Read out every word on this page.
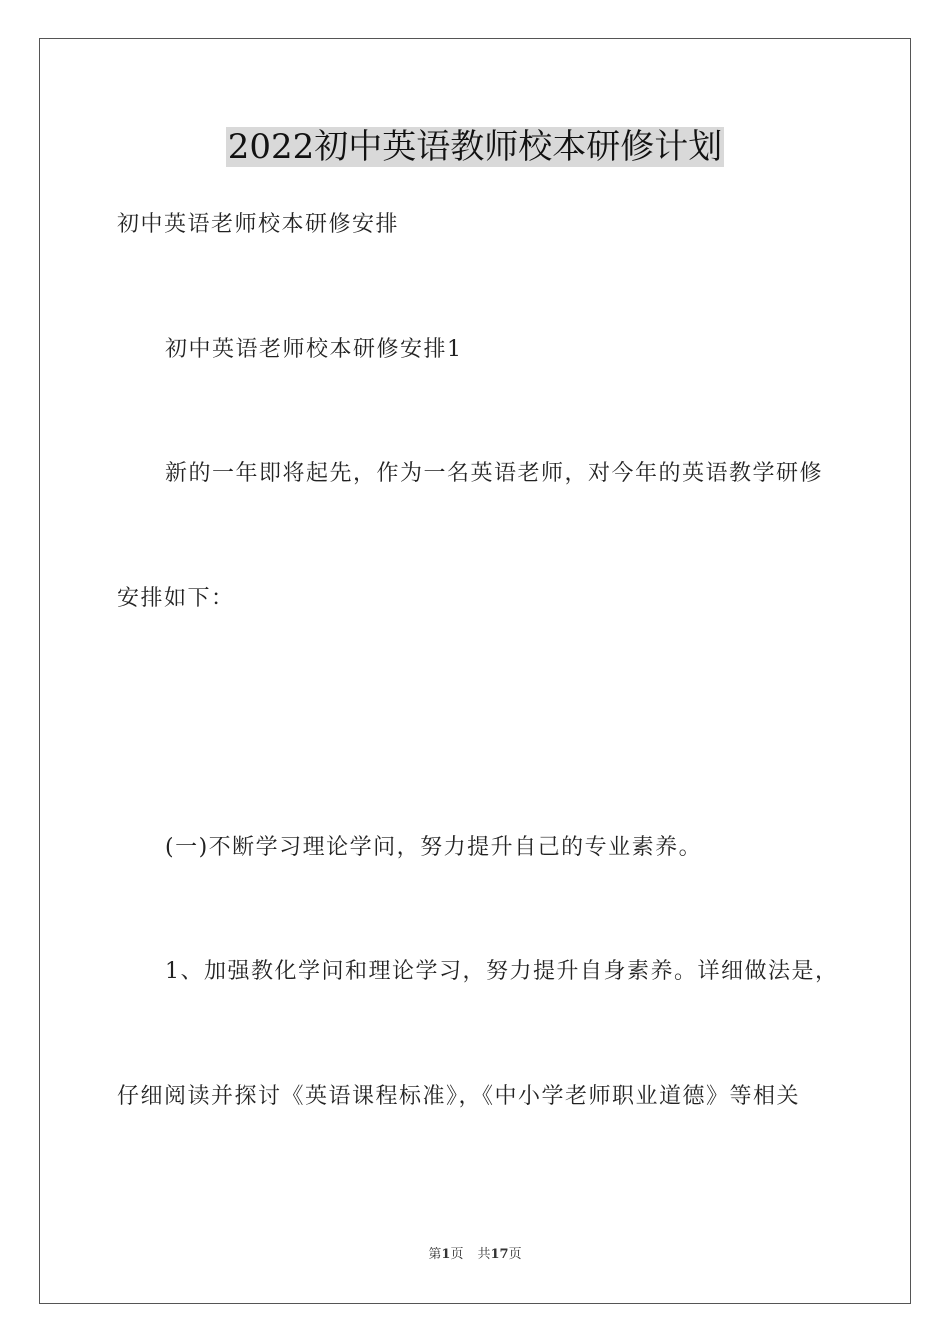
2022初中英语教师校本研修计划
初中英语老师校本研修安排
初中英语老师校本研修安排1
新的一年即将起先，作为一名英语老师，对今年的英语教学研修
安排如下：
(一)不断学习理论学问，努力提升自己的专业素养。
1、加强教化学问和理论学习，努力提升自身素养。详细做法是，
仔细阅读并探讨《英语课程标准》，《中小学老师职业道德》等相关
第1页 共17页
